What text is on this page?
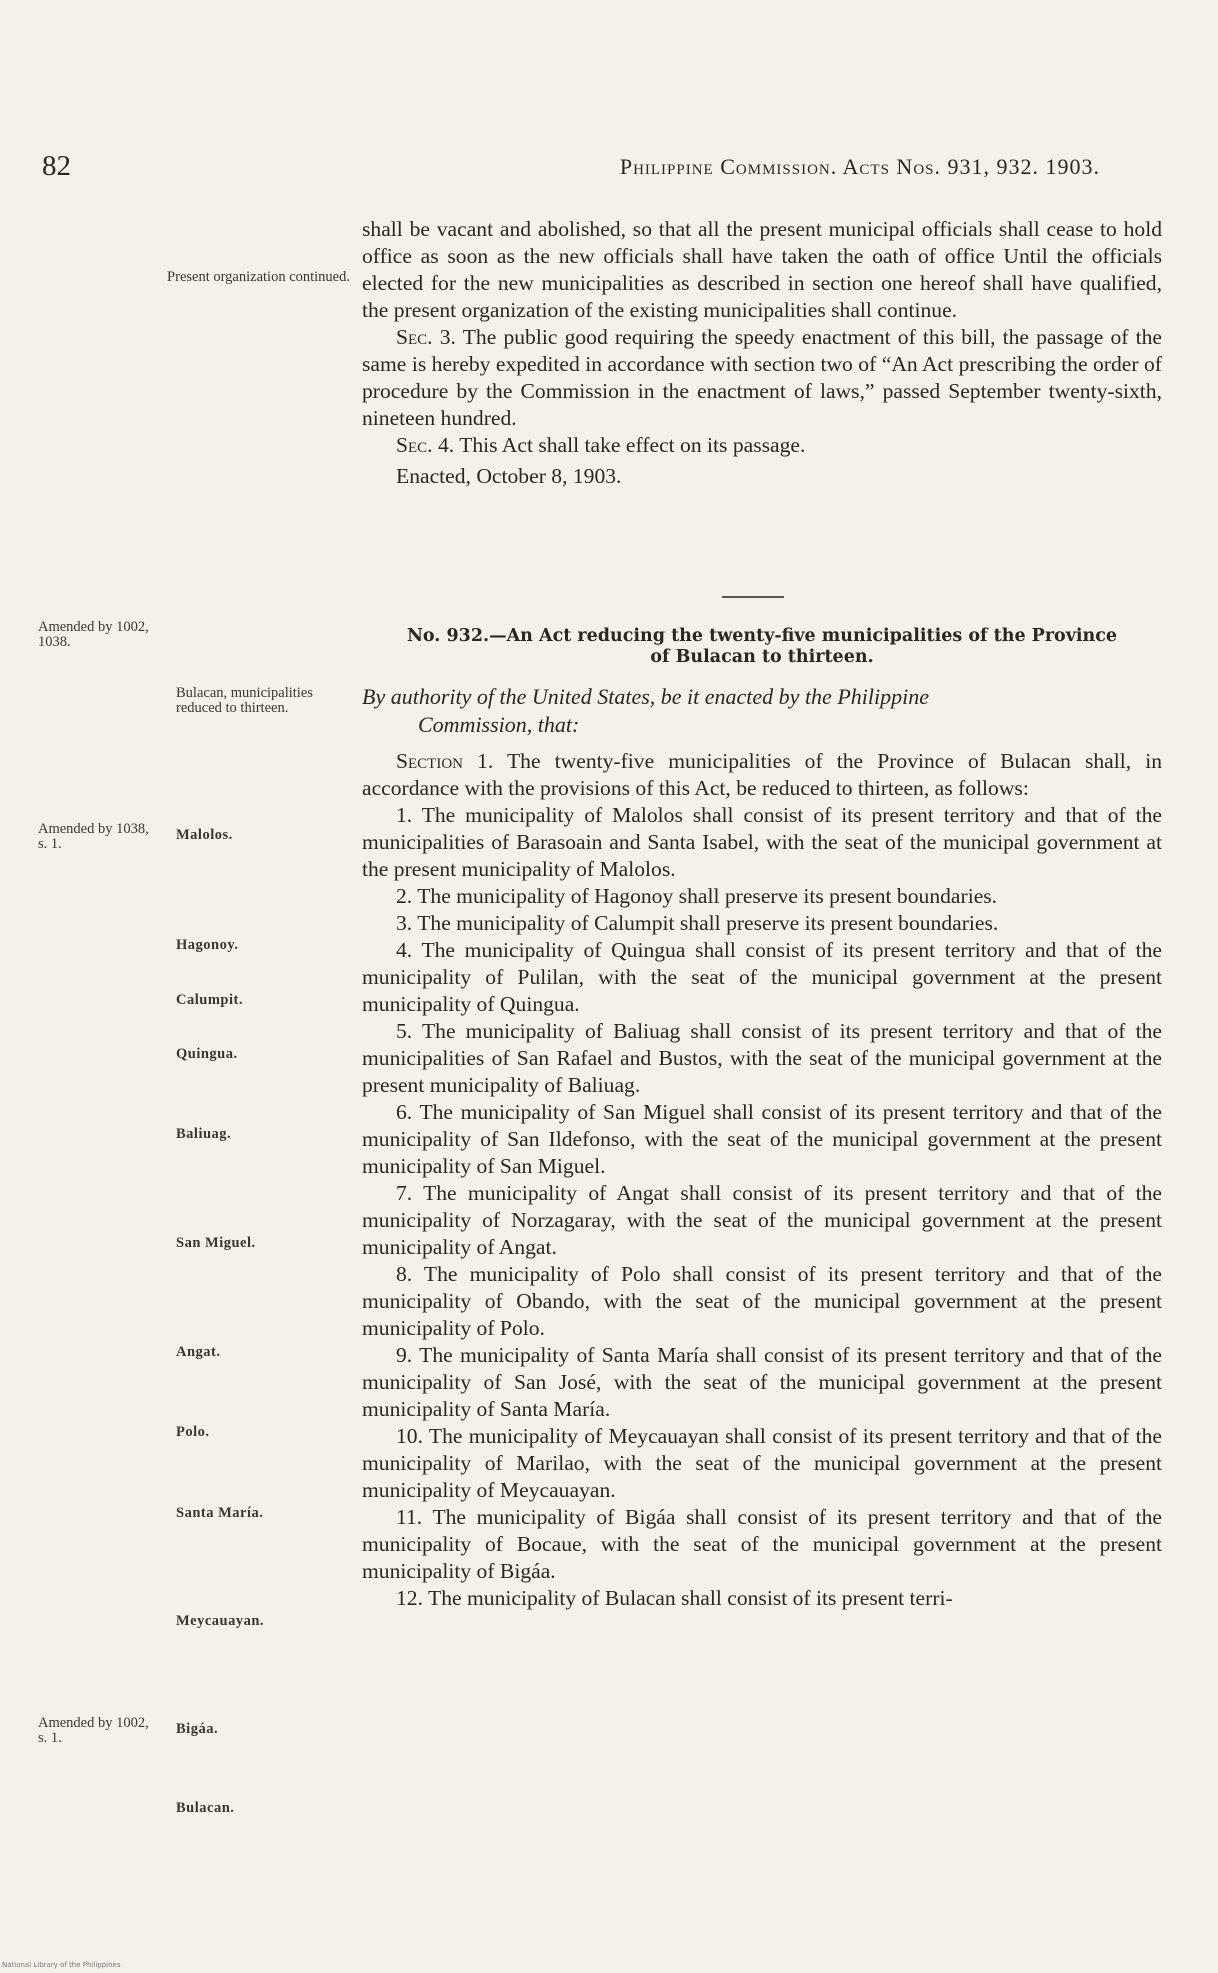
82	Philippine Commission. Acts Nos. 931, 932. 1903.
Present organization continued.
Amended by 1002, 1038.
Bulacan, municipalities reduced to thirteen.
Amended by 1038, s. 1.
Amended by 1002, s. 1.
Malolos.
Hagonoy.
Calumpit.
Quingua.
Baliuag.
San Miguel.
Angat.
Polo.
Santa María.
Meycauayan.
Bigáa.
Bulacan.

shall be vacant and abolished, so that all the present municipal officials shall cease to hold office as soon as the new officials shall have taken the oath of office Until the officials elected for the new municipalities as described in section one hereof shall have qualified, the present organization of the existing municipalities shall continue.

Sec. 3. The public good requiring the speedy enactment of this bill, the passage of the same is hereby expedited in accordance with section two of “An Act prescribing the order of procedure by the Commission in the enactment of laws,” passed September twenty-sixth, nineteen hundred.

Sec. 4. This Act shall take effect on its passage.

Enacted, October 8, 1903.

No. 932.—An Act reducing the twenty-five municipalities of the Province
of Bulacan to thirteen.
By authority of the United States, be it enacted by the Philippine
Commission, that:

Section 1. The twenty-five municipalities of the Province of Bulacan shall, in accordance with the provisions of this Act, be reduced to thirteen, as follows:

1. The municipality of Malolos shall consist of its present territory and that of the municipalities of Barasoain and Santa Isabel, with the seat of the municipal government at the present municipality of Malolos.

2. The municipality of Hagonoy shall preserve its present boundaries.

3. The municipality of Calumpit shall preserve its present boundaries.

4. The municipality of Quingua shall consist of its present territory and that of the municipality of Pulilan, with the seat of the municipal government at the present municipality of Quingua.

5. The municipality of Baliuag shall consist of its present territory and that of the municipalities of San Rafael and Bustos, with the seat of the municipal government at the present municipality of Baliuag.

6. The municipality of San Miguel shall consist of its present territory and that of the municipality of San Ildefonso, with the seat of the municipal government at the present municipality of San Miguel.

7. The municipality of Angat shall consist of its present territory and that of the municipality of Norzagaray, with the seat of the municipal government at the present municipality of Angat.

8. The municipality of Polo shall consist of its present territory and that of the municipality of Obando, with the seat of the municipal government at the present municipality of Polo.

9. The municipality of Santa María shall consist of its present territory and that of the municipality of San José, with the seat of the municipal government at the present municipality of Santa María.

10. The municipality of Meycauayan shall consist of its present territory and that of the municipality of Marilao, with the seat of the municipal government at the present municipality of Meycauayan.

11. The municipality of Bigáa shall consist of its present territory and that of the municipality of Bocaue, with the seat of the municipal government at the present municipality of Bigáa.

12. The municipality of Bulacan shall consist of its present terri-

National Library of the Philippines
